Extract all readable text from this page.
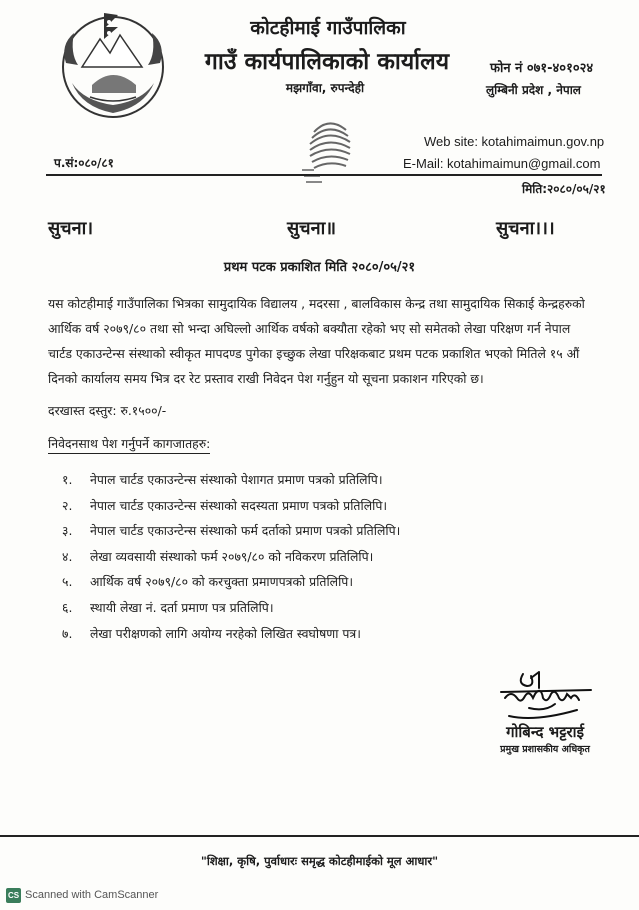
कोटहीमाई गाउँपालिका
गाउँ कार्यपालिकाको कार्यालय
मझगाँवा, रुपन्देही
फोन नं ०७१-४०१०२४
लुम्बिनी प्रदेश , नेपाल
Web site: kotahimaimun.gov.np
E-Mail: kotahimaimun@gmail.com
प.सं:०८०/८१
मिति:२०८०/०५/२१
सुचना।	सुचना॥	सुचना।।।
प्रथम पटक प्रकाशित मिति २०८०/०५/२१
यस कोटहीमाई गाउँपालिका भित्रका सामुदायिक विद्यालय , मदरसा , बालविकास केन्द्र तथा सामुदायिक सिकाई केन्द्रहरुको
आर्थिक वर्ष २०७९/८० तथा सो भन्दा अघिल्लो आर्थिक वर्षको बक्यौता रहेको भए सो समेतको लेखा परिक्षण गर्न नेपाल
चार्टड एकाउन्टेन्स संस्थाको स्वीकृत मापदण्ड पुगेका इच्छुक लेखा परिक्षकबाट प्रथम पटक प्रकाशित भएको मितिले १५ औं
दिनको कार्यालय समय भित्र दर रेट प्रस्ताव राखी निवेदन पेश गर्नुहुन यो सूचना प्रकाशन गरिएको छ।
दरखास्त दस्तुर: रु.१५००/-
निवेदनसाथ पेश गर्नुपर्ने कागजातहरु:
१. नेपाल चार्टड एकाउन्टेन्स संस्थाको पेशागत प्रमाण पत्रको प्रतिलिपि।
२. नेपाल चार्टड एकाउन्टेन्स संस्थाको सदस्यता प्रमाण पत्रको प्रतिलिपि।
३. नेपाल चार्टड एकाउन्टेन्स संस्थाको फर्म दर्ताको प्रमाण पत्रको प्रतिलिपि।
४. लेखा व्यवसायी संस्थाको फर्म २०७९/८० को नविकरण प्रतिलिपि।
५. आर्थिक वर्ष २०७९/८० को करचुक्ता प्रमाणपत्रको प्रतिलिपि।
६. स्थायी लेखा नं. दर्ता प्रमाण पत्र प्रतिलिपि।
७. लेखा परीक्षणको लागि अयोग्य नरहेको लिखित स्वघोषणा पत्र।
गोबिन्द भट्टराई
प्रमुख प्रशासकीय अधिकृत
"शिक्षा, कृषि, पुर्वाधारः समृद्ध कोटहीमाईको मूल आधार"
CS Scanned with CamScanner
